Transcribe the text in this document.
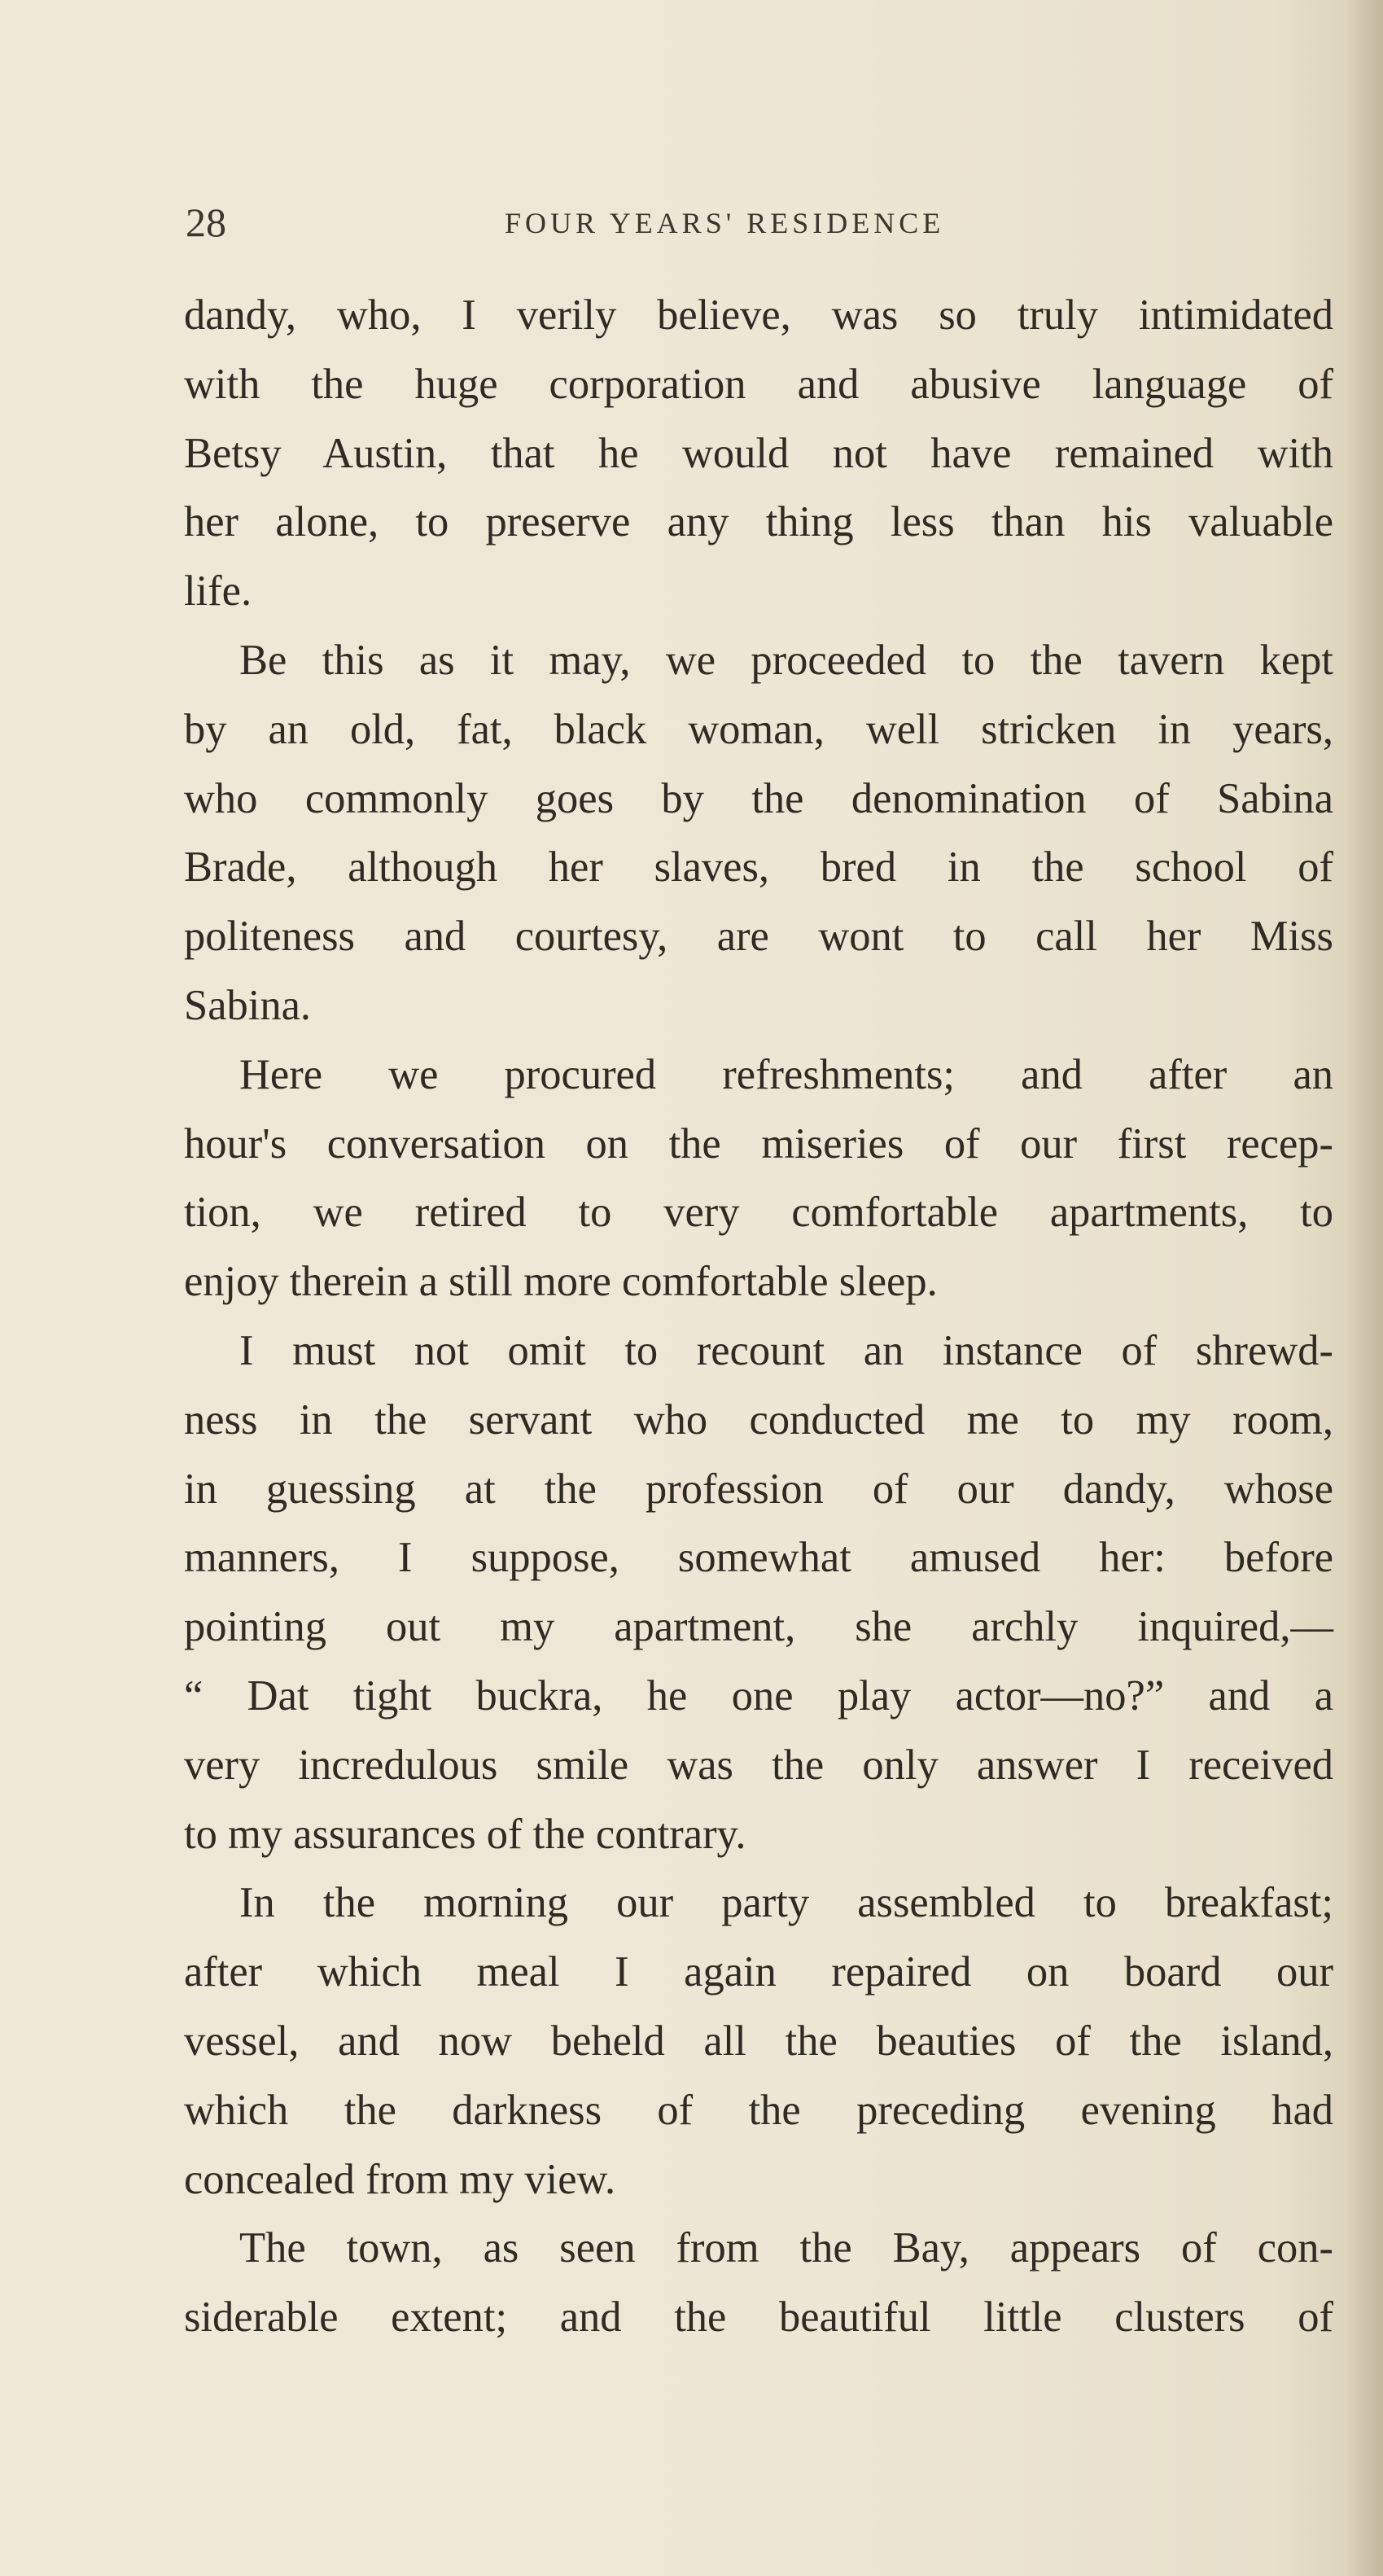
28	FOUR YEARS' RESIDENCE
dandy, who, I verily believe, was so truly intimidated
with the huge corporation and abusive language of
Betsy Austin, that he would not have remained with
her alone, to preserve any thing less than his valuable
life.
Be this as it may, we proceeded to the tavern kept
by an old, fat, black woman, well stricken in years,
who commonly goes by the denomination of Sabina
Brade, although her slaves, bred in the school of
politeness and courtesy, are wont to call her Miss
Sabina.
Here we procured refreshments; and after an
hour's conversation on the miseries of our first recep-
tion, we retired to very comfortable apartments, to
enjoy therein a still more comfortable sleep.
I must not omit to recount an instance of shrewd-
ness in the servant who conducted me to my room,
in guessing at the profession of our dandy, whose
manners, I suppose, somewhat amused her: before
pointing out my apartment, she archly inquired,—
“ Dat tight buckra, he one play actor—no?” and a
very incredulous smile was the only answer I received
to my assurances of the contrary.
In the morning our party assembled to breakfast;
after which meal I again repaired on board our
vessel, and now beheld all the beauties of the island,
which the darkness of the preceding evening had
concealed from my view.
The town, as seen from the Bay, appears of con-
siderable extent; and the beautiful little clusters of
